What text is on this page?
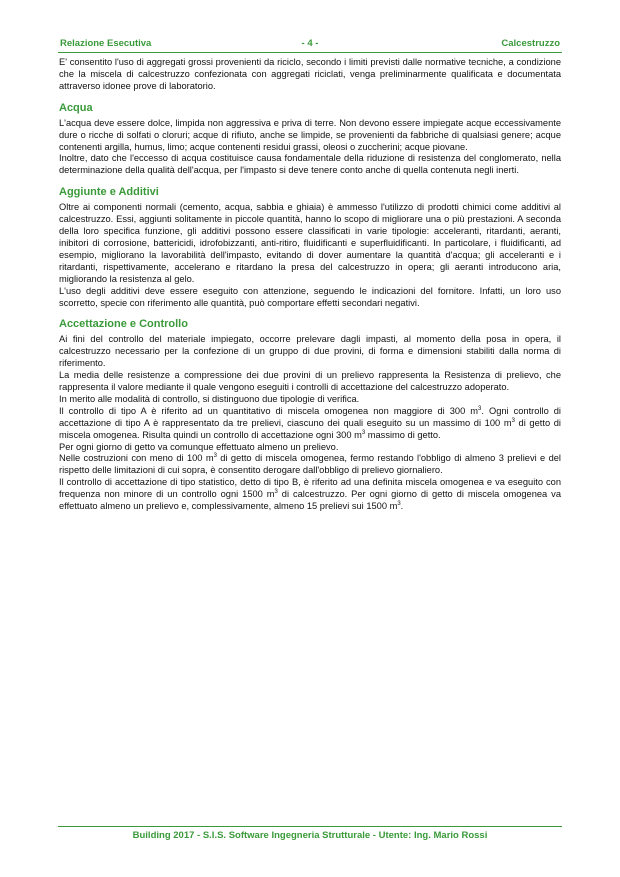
Relazione Esecutiva	- 4 -	Calcestruzzo

E' consentito l'uso di aggregati grossi provenienti da riciclo, secondo i limiti previsti dalle normative tecniche, a condizione che la miscela di calcestruzzo confezionata con aggregati riciclati, venga preliminarmente qualificata e documentata attraverso idonee prove di laboratorio.

Acqua

L'acqua deve essere dolce, limpida non aggressiva e priva di terre. Non devono essere impiegate acque eccessivamente dure o ricche di solfati o cloruri; acque di rifiuto, anche se limpide, se provenienti da fabbriche di qualsiasi genere; acque contenenti argilla, humus, limo; acque contenenti residui grassi, oleosi o zuccherini; acque piovane.

Inoltre, dato che l'eccesso di acqua costituisce causa fondamentale della riduzione di resistenza del conglomerato, nella determinazione della qualità dell'acqua, per l'impasto si deve tenere conto anche di quella contenuta negli inerti.

Aggiunte e Additivi

Oltre ai componenti normali (cemento, acqua, sabbia e ghiaia) è ammesso l'utilizzo di prodotti chimici come additivi al calcestruzzo. Essi, aggiunti solitamente in piccole quantità, hanno lo scopo di migliorare una o più prestazioni. A seconda della loro specifica funzione, gli additivi possono essere classificati in varie tipologie: acceleranti, ritardanti, aeranti, inibitori di corrosione, battericidi, idrofobizzanti, anti-ritiro, fluidificanti e superfluidificanti. In particolare, i fluidificanti, ad esempio, migliorano la lavorabilità dell'impasto, evitando di dover aumentare la quantità d'acqua; gli acceleranti e i ritardanti, rispettivamente, accelerano e ritardano la presa del calcestruzzo in opera; gli aeranti introducono aria, migliorando la resistenza al gelo.

L'uso degli additivi deve essere eseguito con attenzione, seguendo le indicazioni del fornitore. Infatti, un loro uso scorretto, specie con riferimento alle quantità, può comportare effetti secondari negativi.

Accettazione e Controllo

Ai fini del controllo del materiale impiegato, occorre prelevare dagli impasti, al momento della posa in opera, il calcestruzzo necessario per la confezione di un gruppo di due provini, di forma e dimensioni stabiliti dalla norma di riferimento.

La media delle resistenze a compressione dei due provini di un prelievo rappresenta la Resistenza di prelievo, che rappresenta il valore mediante il quale vengono eseguiti i controlli di accettazione del calcestruzzo adoperato.

In merito alle modalità di controllo, si distinguono due tipologie di verifica.

Il controllo di tipo A è riferito ad un quantitativo di miscela omogenea non maggiore di 300 $m^3$. Ogni controllo di accettazione di tipo A è rappresentato da tre prelievi, ciascuno dei quali eseguito su un massimo di 100 $m^3$ di getto di miscela omogenea. Risulta quindi un controllo di accettazione ogni 300 $m^3$ massimo di getto.

Per ogni giorno di getto va comunque effettuato almeno un prelievo.

Nelle costruzioni con meno di 100 $m^3$ di getto di miscela omogenea, fermo restando l'obbligo di almeno 3 prelievi e del rispetto delle limitazioni di cui sopra, è consentito derogare dall'obbligo di prelievo giornaliero.

Il controllo di accettazione di tipo statistico, detto di tipo B, è riferito ad una definita miscela omogenea e va eseguito con frequenza non minore di un controllo ogni 1500 $m^3$ di calcestruzzo. Per ogni giorno di getto di miscela omogenea va effettuato almeno un prelievo e, complessivamente, almeno 15 prelievi sui 1500 $m^3$.

Building 2017 - S.I.S. Software Ingegneria Strutturale - Utente: Ing. Mario Rossi
